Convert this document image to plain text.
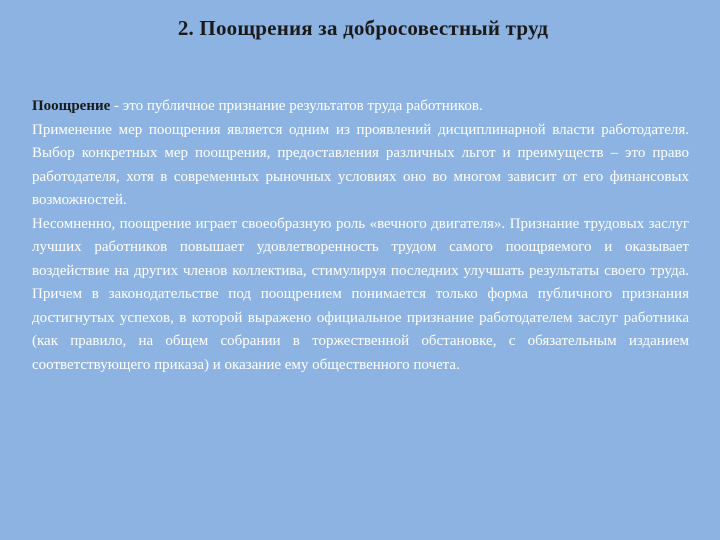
2. Поощрения за добросовестный труд

Поощрение - это публичное признание результатов труда работников.

Применение мер поощрения является одним из проявлений дисциплинарной власти работодателя. Выбор конкретных мер поощрения, предоставления различных льгот и преимуществ – это право работодателя, хотя в современных рыночных условиях оно во многом зависит от его финансовых возможностей.

Несомненно, поощрение играет своеобразную роль «вечного двигателя». Признание трудовых заслуг лучших работников повышает удовлетворенность трудом самого поощряемого и оказывает воздействие на других членов коллектива, стимулируя последних улучшать результаты своего труда. Причем в законодательстве под поощрением понимается только форма публичного признания достигнутых успехов, в которой выражено официальное признание работодателем заслуг работника (как правило, на общем собрании в торжественной обстановке, с обязательным изданием соответствующего приказа) и оказание ему общественного почета.
